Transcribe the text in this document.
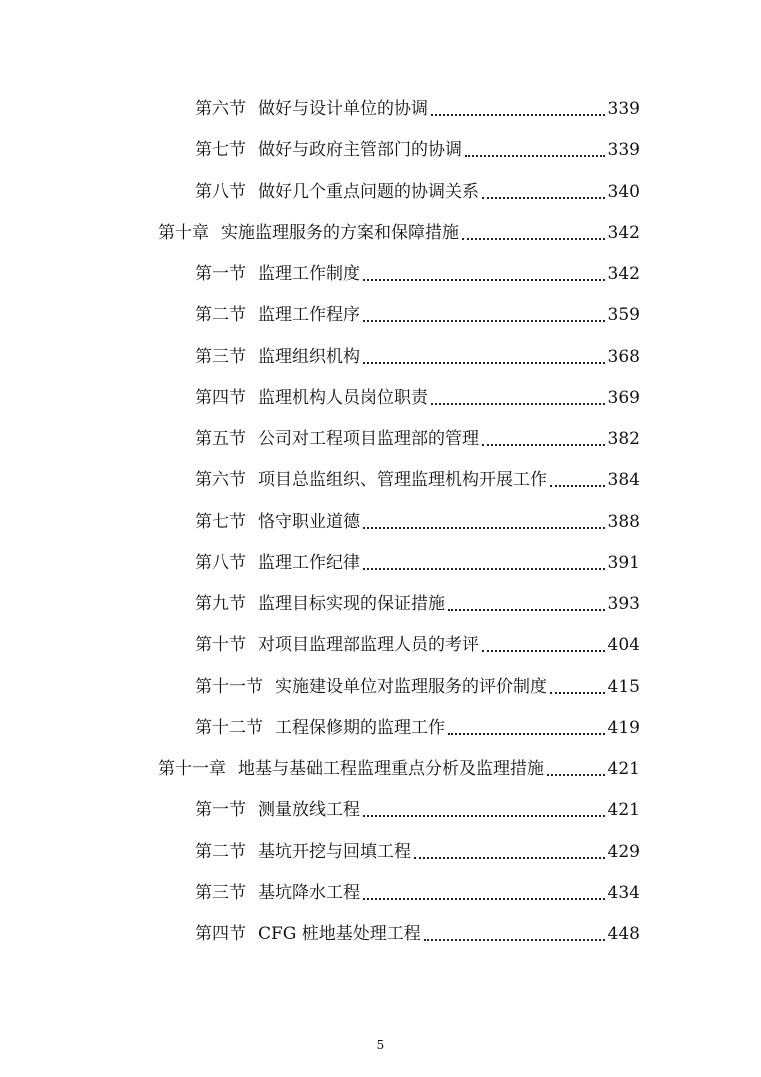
第六节 做好与设计单位的协调	339
第七节 做好与政府主管部门的协调	339
第八节 做好几个重点问题的协调关系	340
第十章 实施监理服务的方案和保障措施	342
第一节 监理工作制度	342
第二节 监理工作程序	359
第三节 监理组织机构	368
第四节 监理机构人员岗位职责	369
第五节 公司对工程项目监理部的管理	382
第六节 项目总监组织、管理监理机构开展工作	384
第七节 恪守职业道德	388
第八节 监理工作纪律	391
第九节 监理目标实现的保证措施	393
第十节 对项目监理部监理人员的考评	404
第十一节 实施建设单位对监理服务的评价制度	415
第十二节 工程保修期的监理工作	419
第十一章 地基与基础工程监理重点分析及监理措施	421
第一节 测量放线工程	421
第二节 基坑开挖与回填工程	429
第三节 基坑降水工程	434
第四节 CFG 桩地基处理工程	448
5
